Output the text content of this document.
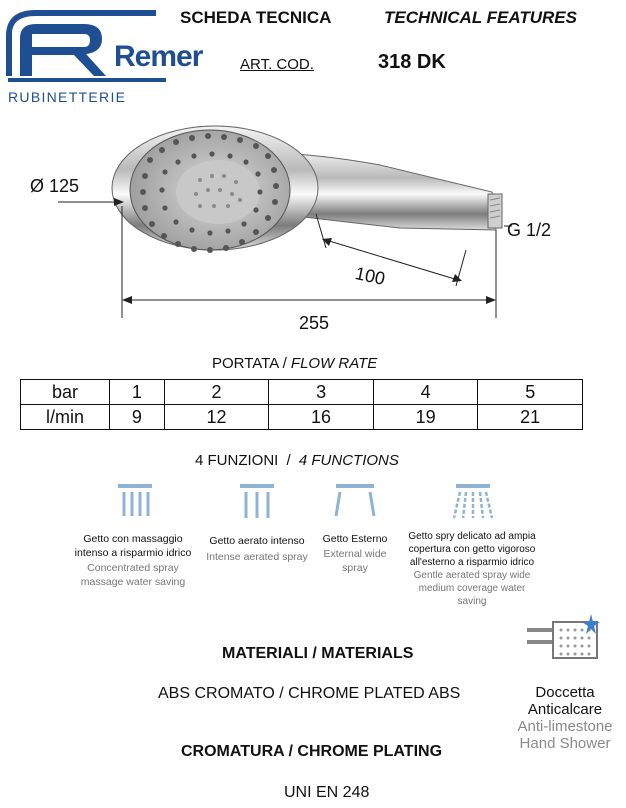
Remer
RUBINETTERIE
SCHEDA TECNICA	TECHNICAL FEATURES
ART. COD.	318 DK
Ø 125
G 1/2
100
255
PORTATA / FLOW RATE
bar	1	2	3	4	5
l/min	9	12	16	19	21
4 FUNZIONI / 4 FUNCTIONS
Getto con massaggio intenso a risparmio idrico
Concentrated spray massage water saving
Getto aerato intenso
Intense aerated spray
Getto Esterno
External wide spray
Getto spry delicato ad ampia copertura con getto vigoroso all'esterno a risparmio idrico
Gentle aerated spray wide medium coverage water saving
MATERIALI / MATERIALS
ABS CROMATO / CHROME PLATED ABS
CROMATURA / CHROME PLATING
UNI EN 248
Doccetta
Anticalcare
Anti-limestone
Hand Shower
